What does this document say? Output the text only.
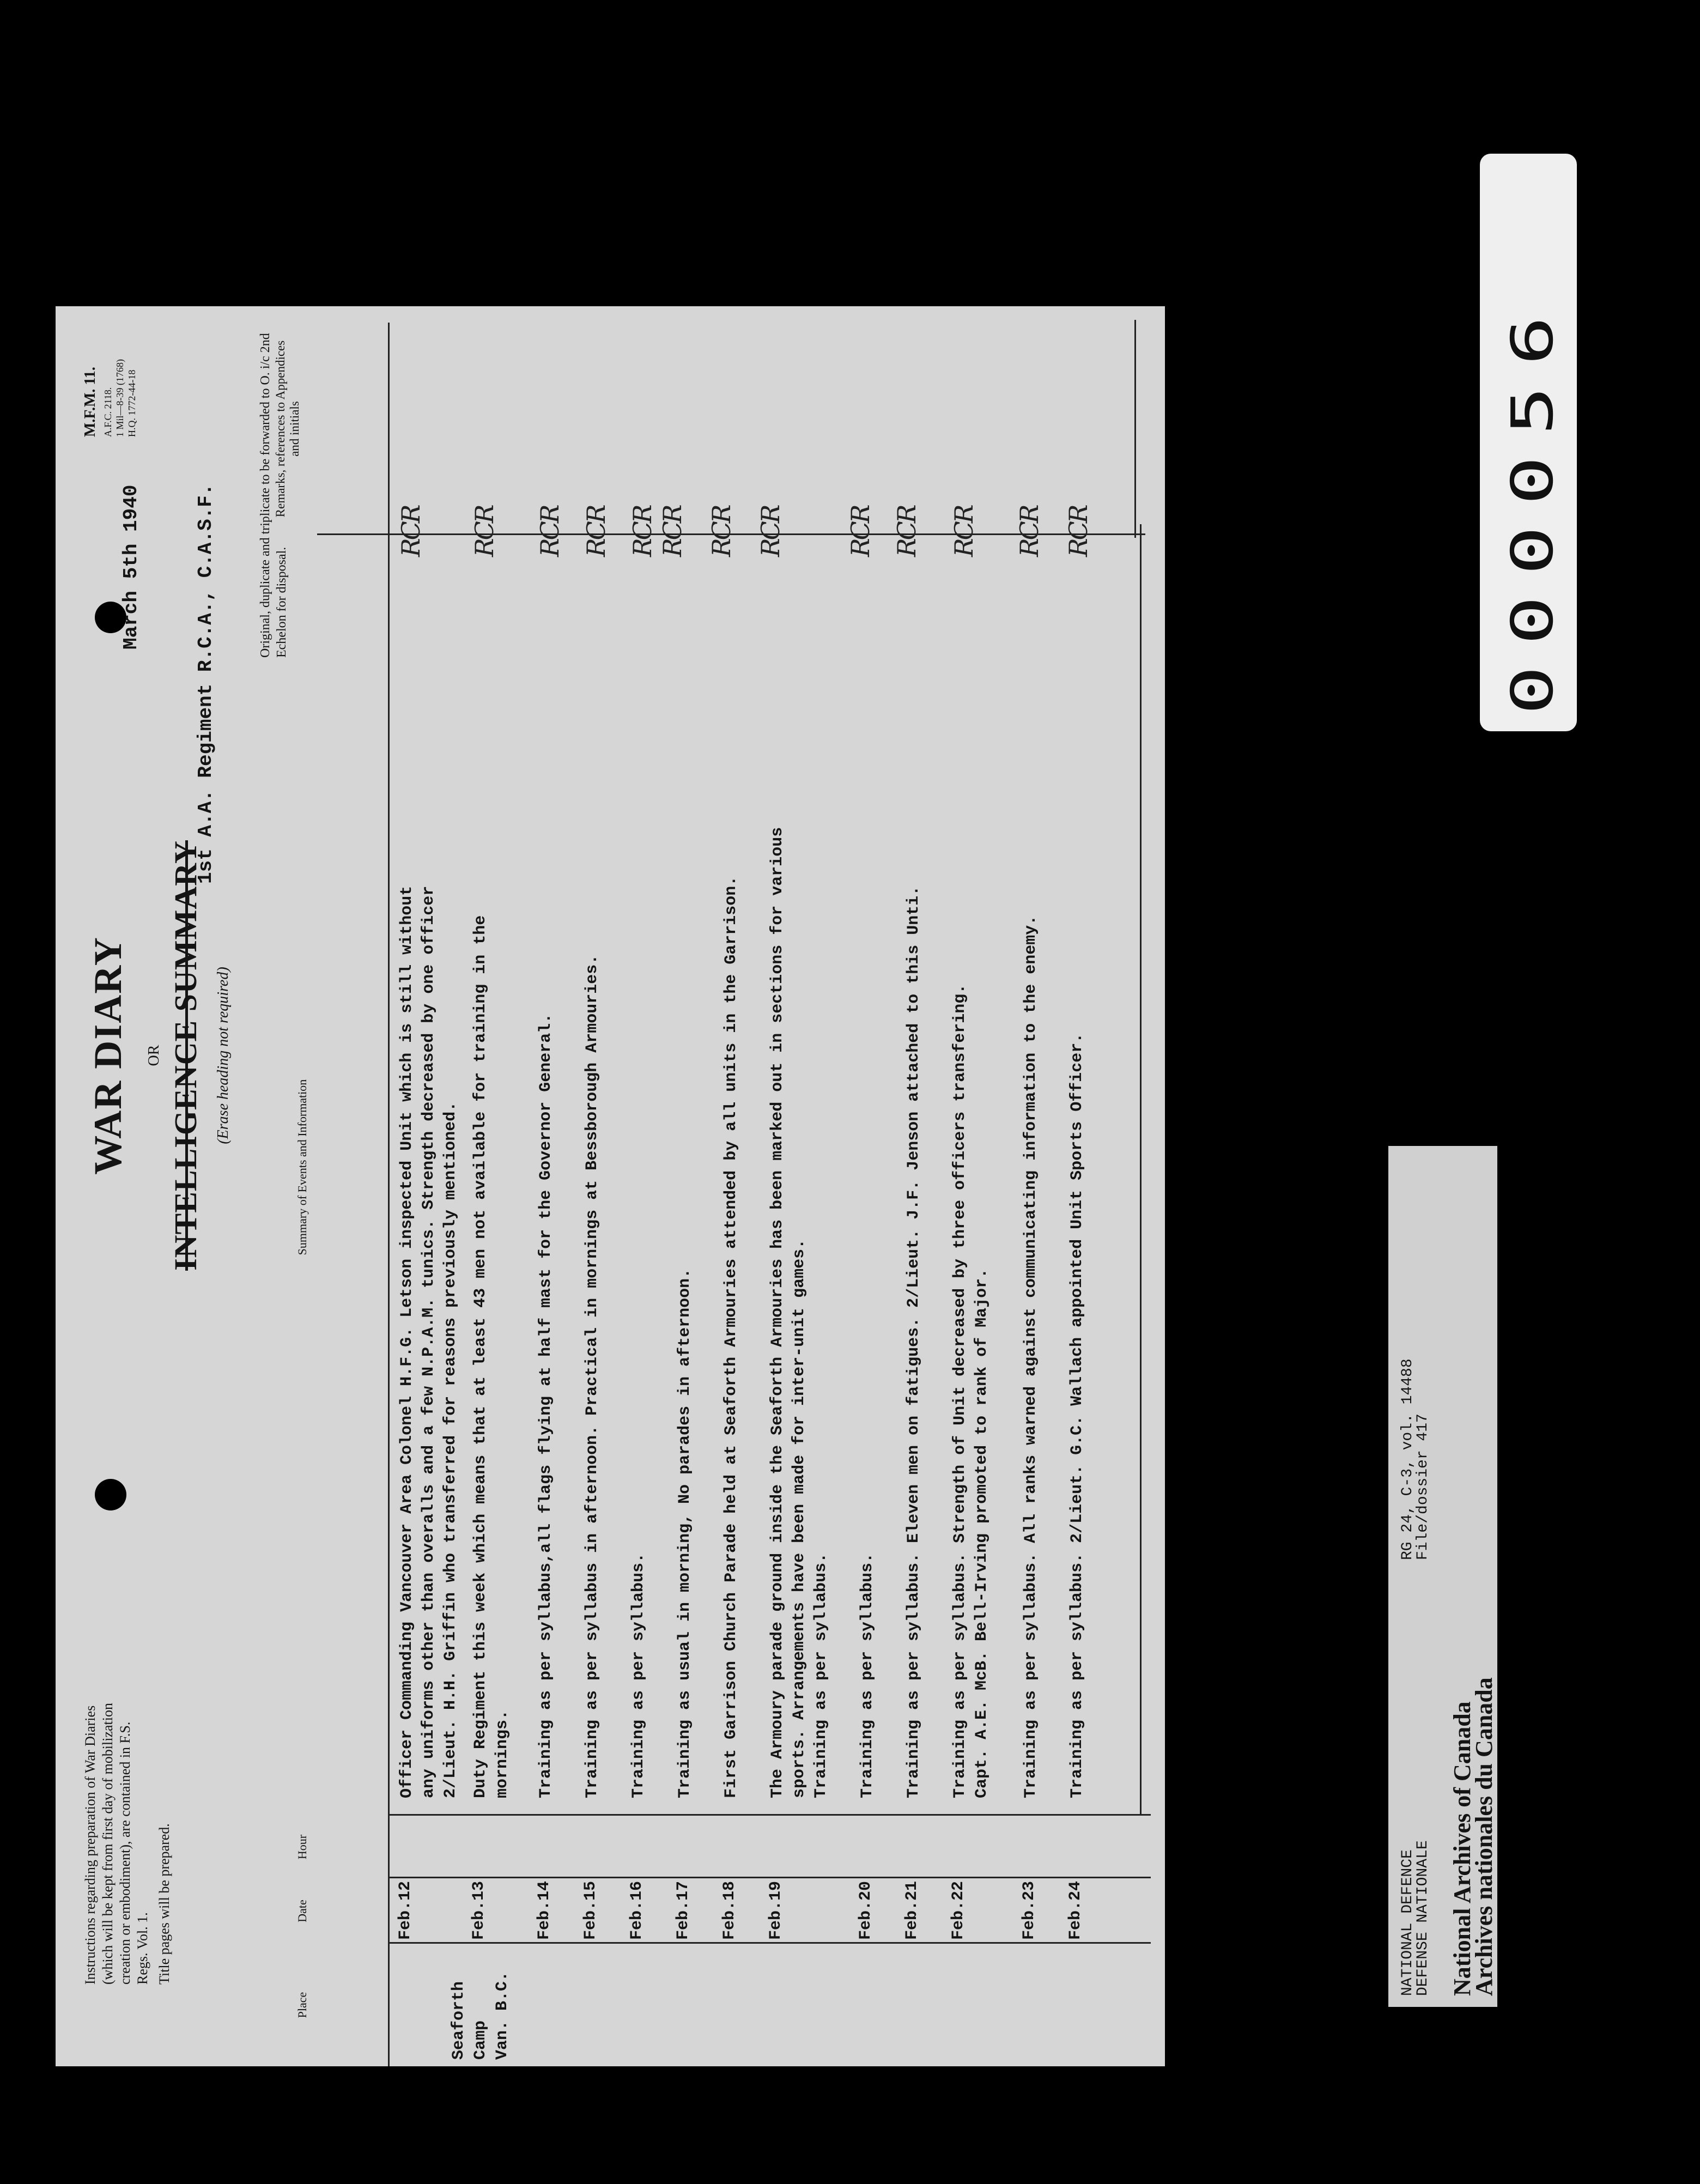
Instructions regarding preparation of War Diaries (which will be kept from first day of mobilization creation or embodiment), are contained in F.S. Regs. Vol. 1. Title pages will be prepared.
WAR DIARY OR INTELLIGENCE SUMMARY (Erase heading not required)
March 5th 1940	1st A.A. Regiment R.C.A., C.A.S.F.	Original, duplicate and triplicate to be forwarded to O. i/c 2nd Echelon for disposal.
M.F.M. 11. A.F.C. 2118. 1 Mil—8-39 (1768) H.Q. 1772-44-18
Place
Date
Hour
Summary of Events and Information
Remarks, references to Appendices and initials
Seaforth Camp Van. B.C.
Feb.12
Officer Commanding Vancouver Area Colonel H.F.G. Letson inspected Unit which is still without any uniforms other than overalls and a few N.P.A.M. tunics. Strength decreased by one officer 2/Lieut. H.H. Griffin who transferred for reasons previously mentioned.
RCR
Feb.13
Duty Regiment this week which means that at least 43 men not available for training in the mornings.
RCR
Feb.14
Training as per syllabus,all flags flying at half mast for the Governor General.
RCR
Feb.15
Training as per syllabus in afternoon. Practical in mornings at Bessborough Armouries.
RCR
Feb.16
Training as per syllabus.
RCR
Feb.17
Training as usual in morning, No parades in afternoon.
RCR
Feb.18
First Garrison Church Parade held at Seaforth Armouries attended by all units in the Garrison.
RCR
Feb.19
The Armoury parade ground inside the Seaforth Armouries has been marked out in sections for various sports. Arrangements have been made for inter-unit games. Training as per syllabus.
RCR
Feb.20
Training as per syllabus.
RCR
Feb.21
Training as per syllabus. Eleven men on fatigues. 2/Lieut. J.F. Jenson attached to this Unti.
RCR
Feb.22
Training as per syllabus. Strength of Unit decreased by three officers transfering. Capt. A.E. McB. Bell-Irving promoted to rank of Major.
RCR
Feb.23
Training as per syllabus. All ranks warned against communicating information to the enemy.
RCR
Feb.24
Training as per syllabus. 2/Lieut. G.C. Wallach appointed Unit Sports Officer.
RCR
NATIONAL DEFENCE
DEFENSE NATIONALE
RG 24, C-3, vol. 14488
File/dossier 417
National Archives of Canada
Archives nationales du Canada
000056
